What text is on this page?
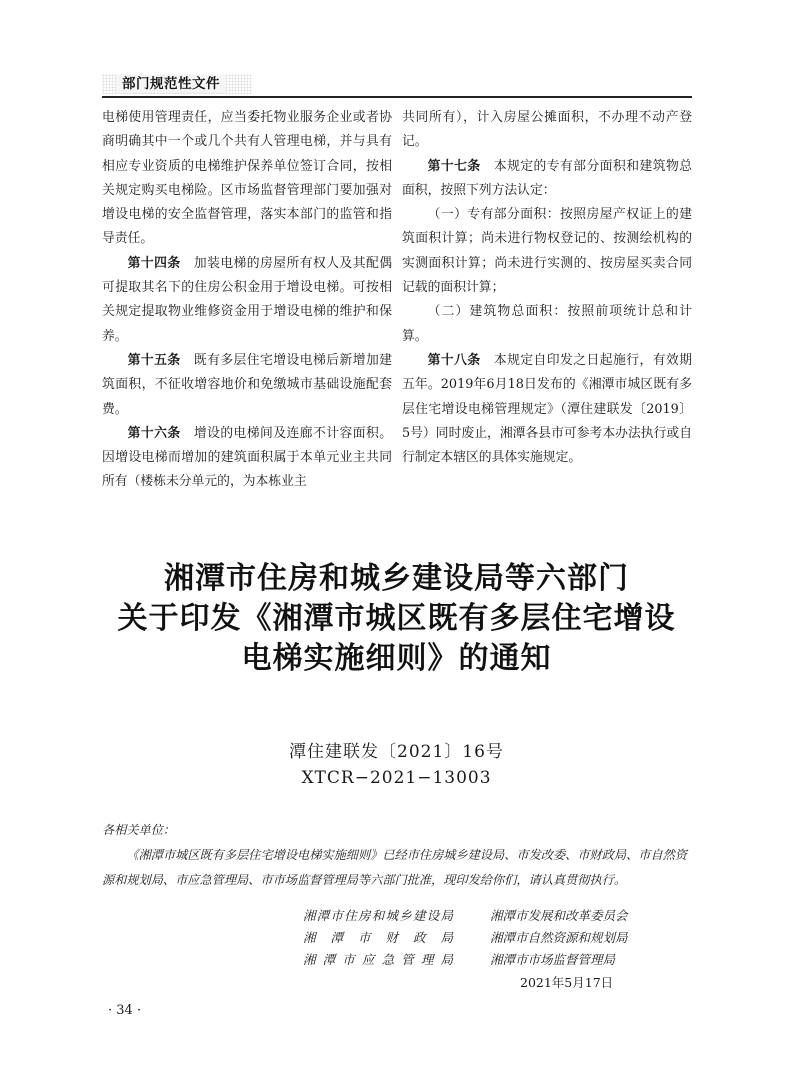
部门规范性文件

电梯使用管理责任，应当委托物业服务企业或者协商明确其中一个或几个共有人管理电梯，并与具有相应专业资质的电梯维护保养单位签订合同，按相关规定购买电梯险。区市场监督管理部门要加强对增设电梯的安全监督管理，落实本部门的监管和指导责任。

第十四条　 加装电梯的房屋所有权人及其配偶可提取其名下的住房公积金用于增设电梯。可按相关规定提取物业维修资金用于增设电梯的维护和保养。

第十五条　 既有多层住宅增设电梯后新增加建筑面积，不征收增容地价和免缴城市基础设施配套费。

第十六条　 增设的电梯间及连廊不计容面积。因增设电梯而增加的建筑面积属于本单元业主共同所有（楼栋未分单元的，为本栋业主

共同所有），计入房屋公摊面积，不办理不动产登记。

第十七条　 本规定的专有部分面积和建筑物总面积，按照下列方法认定：

（一）专有部分面积：按照房屋产权证上的建筑面积计算；尚未进行物权登记的、按测绘机构的实测面积计算；尚未进行实测的、按房屋买卖合同记载的面积计算；

（二）建筑物总面积：按照前项统计总和计算。

第十八条　 本规定自印发之日起施行，有效期五年。2019年6月18日发布的《湘潭市城区既有多层住宅增设电梯管理规定》（潭住建联发〔2019〕5号）同时废止，湘潭各县市可参考本办法执行或自行制定本辖区的具体实施规定。

湘潭市住房和城乡建设局等六部门
关于印发《湘潭市城区既有多层住宅增设
电梯实施细则》的通知
潭住建联发〔2021〕16号
XTCR−2021−13003

各相关单位：

《湘潭市城区既有多层住宅增设电梯实施细则》已经市住房城乡建设局、市发改委、市财政局、市自然资源和规划局、市应急管理局、市市场监督管理局等六部门批准，现印发给你们，请认真贯彻执行。

湘潭市住房和城乡建设局
湘潭市财政局
湘潭市应急管理局
湘潭市发展和改革委员会
湘潭市自然资源和规划局
湘潭市市场监督管理局
2021年5月17日
· 34 ·
